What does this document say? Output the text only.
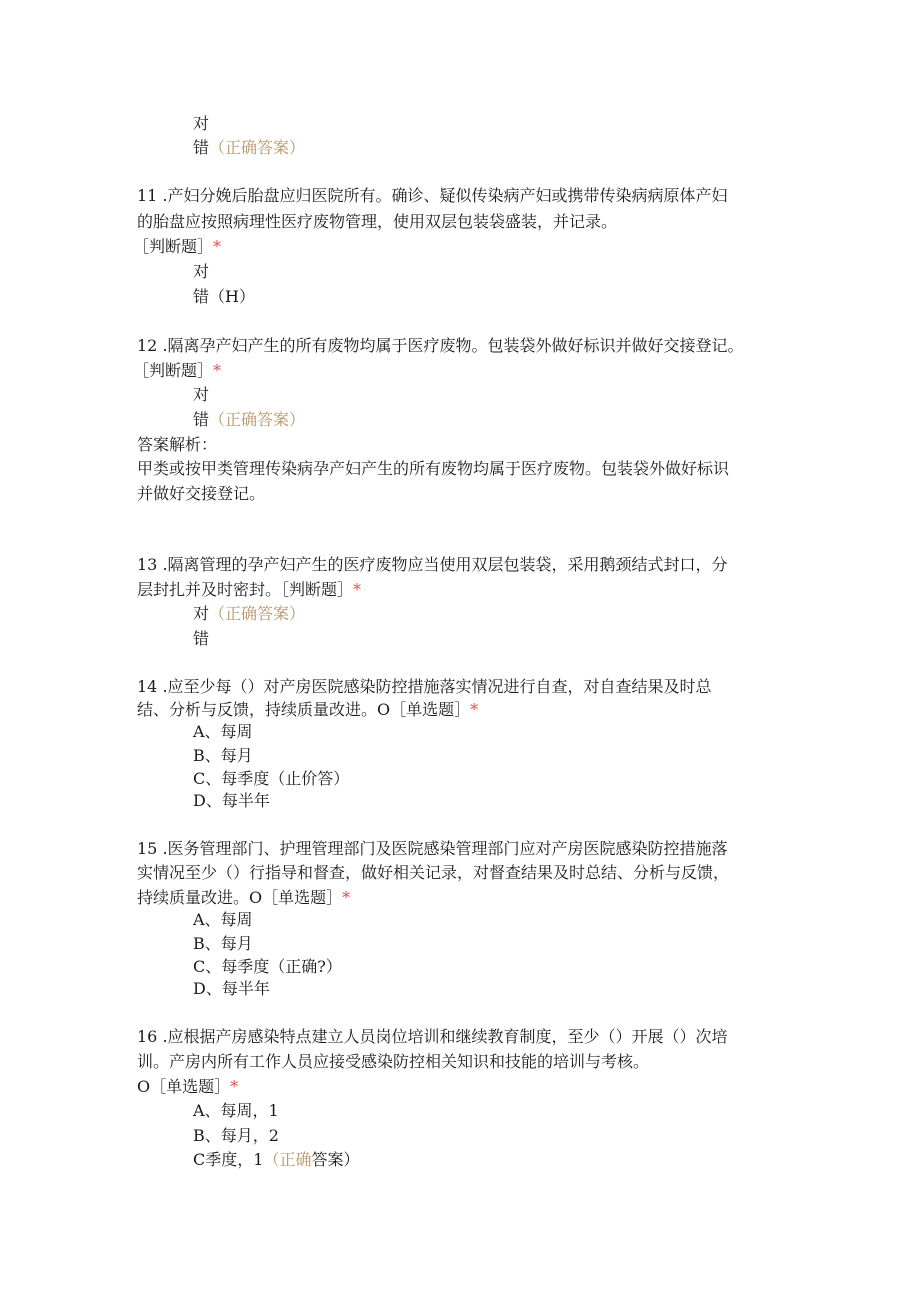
对
错（正确答案）
11 .产妇分娩后胎盘应归医院所有。确诊、疑似传染病产妇或携带传染病病原体产妇
的胎盘应按照病理性医疗废物管理，使用双层包装袋盛装，并记录。
［判断题］*
对
错（H）
12 .隔离孕产妇产生的所有废物均属于医疗废物。包装袋外做好标识并做好交接登记。
［判断题］*
对
错（正确答案）
答案解析：
甲类或按甲类管理传染病孕产妇产生的所有废物均属于医疗废物。包装袋外做好标识
并做好交接登记。
13 .隔离管理的孕产妇产生的医疗废物应当使用双层包装袋，采用鹅颈结式封口，分
层封扎并及时密封。［判断题］*
对（正确答案）
错
14 .应至少每（）对产房医院感染防控措施落实情况进行自查，对自查结果及时总
结、分析与反馈，持续质量改进。O［单选题］*
A、每周
B、每月
C、每季度（止价答）
D、每半年
15 .医务管理部门、护理管理部门及医院感染管理部门应对产房医院感染防控措施落
实情况至少（）行指导和督查，做好相关记录，对督查结果及时总结、分析与反馈，
持续质量改进。O［单选题］*
A、每周
B、每月
C、每季度（正确?）
D、每半年
16 .应根据产房感染特点建立人员岗位培训和继续教育制度，至少（）开展（）次培
训。产房内所有工作人员应接受感染防控相关知识和技能的培训与考核。
O［单选题］*
A、每周，1
B、每月，2
C季度，1（正确答案）
